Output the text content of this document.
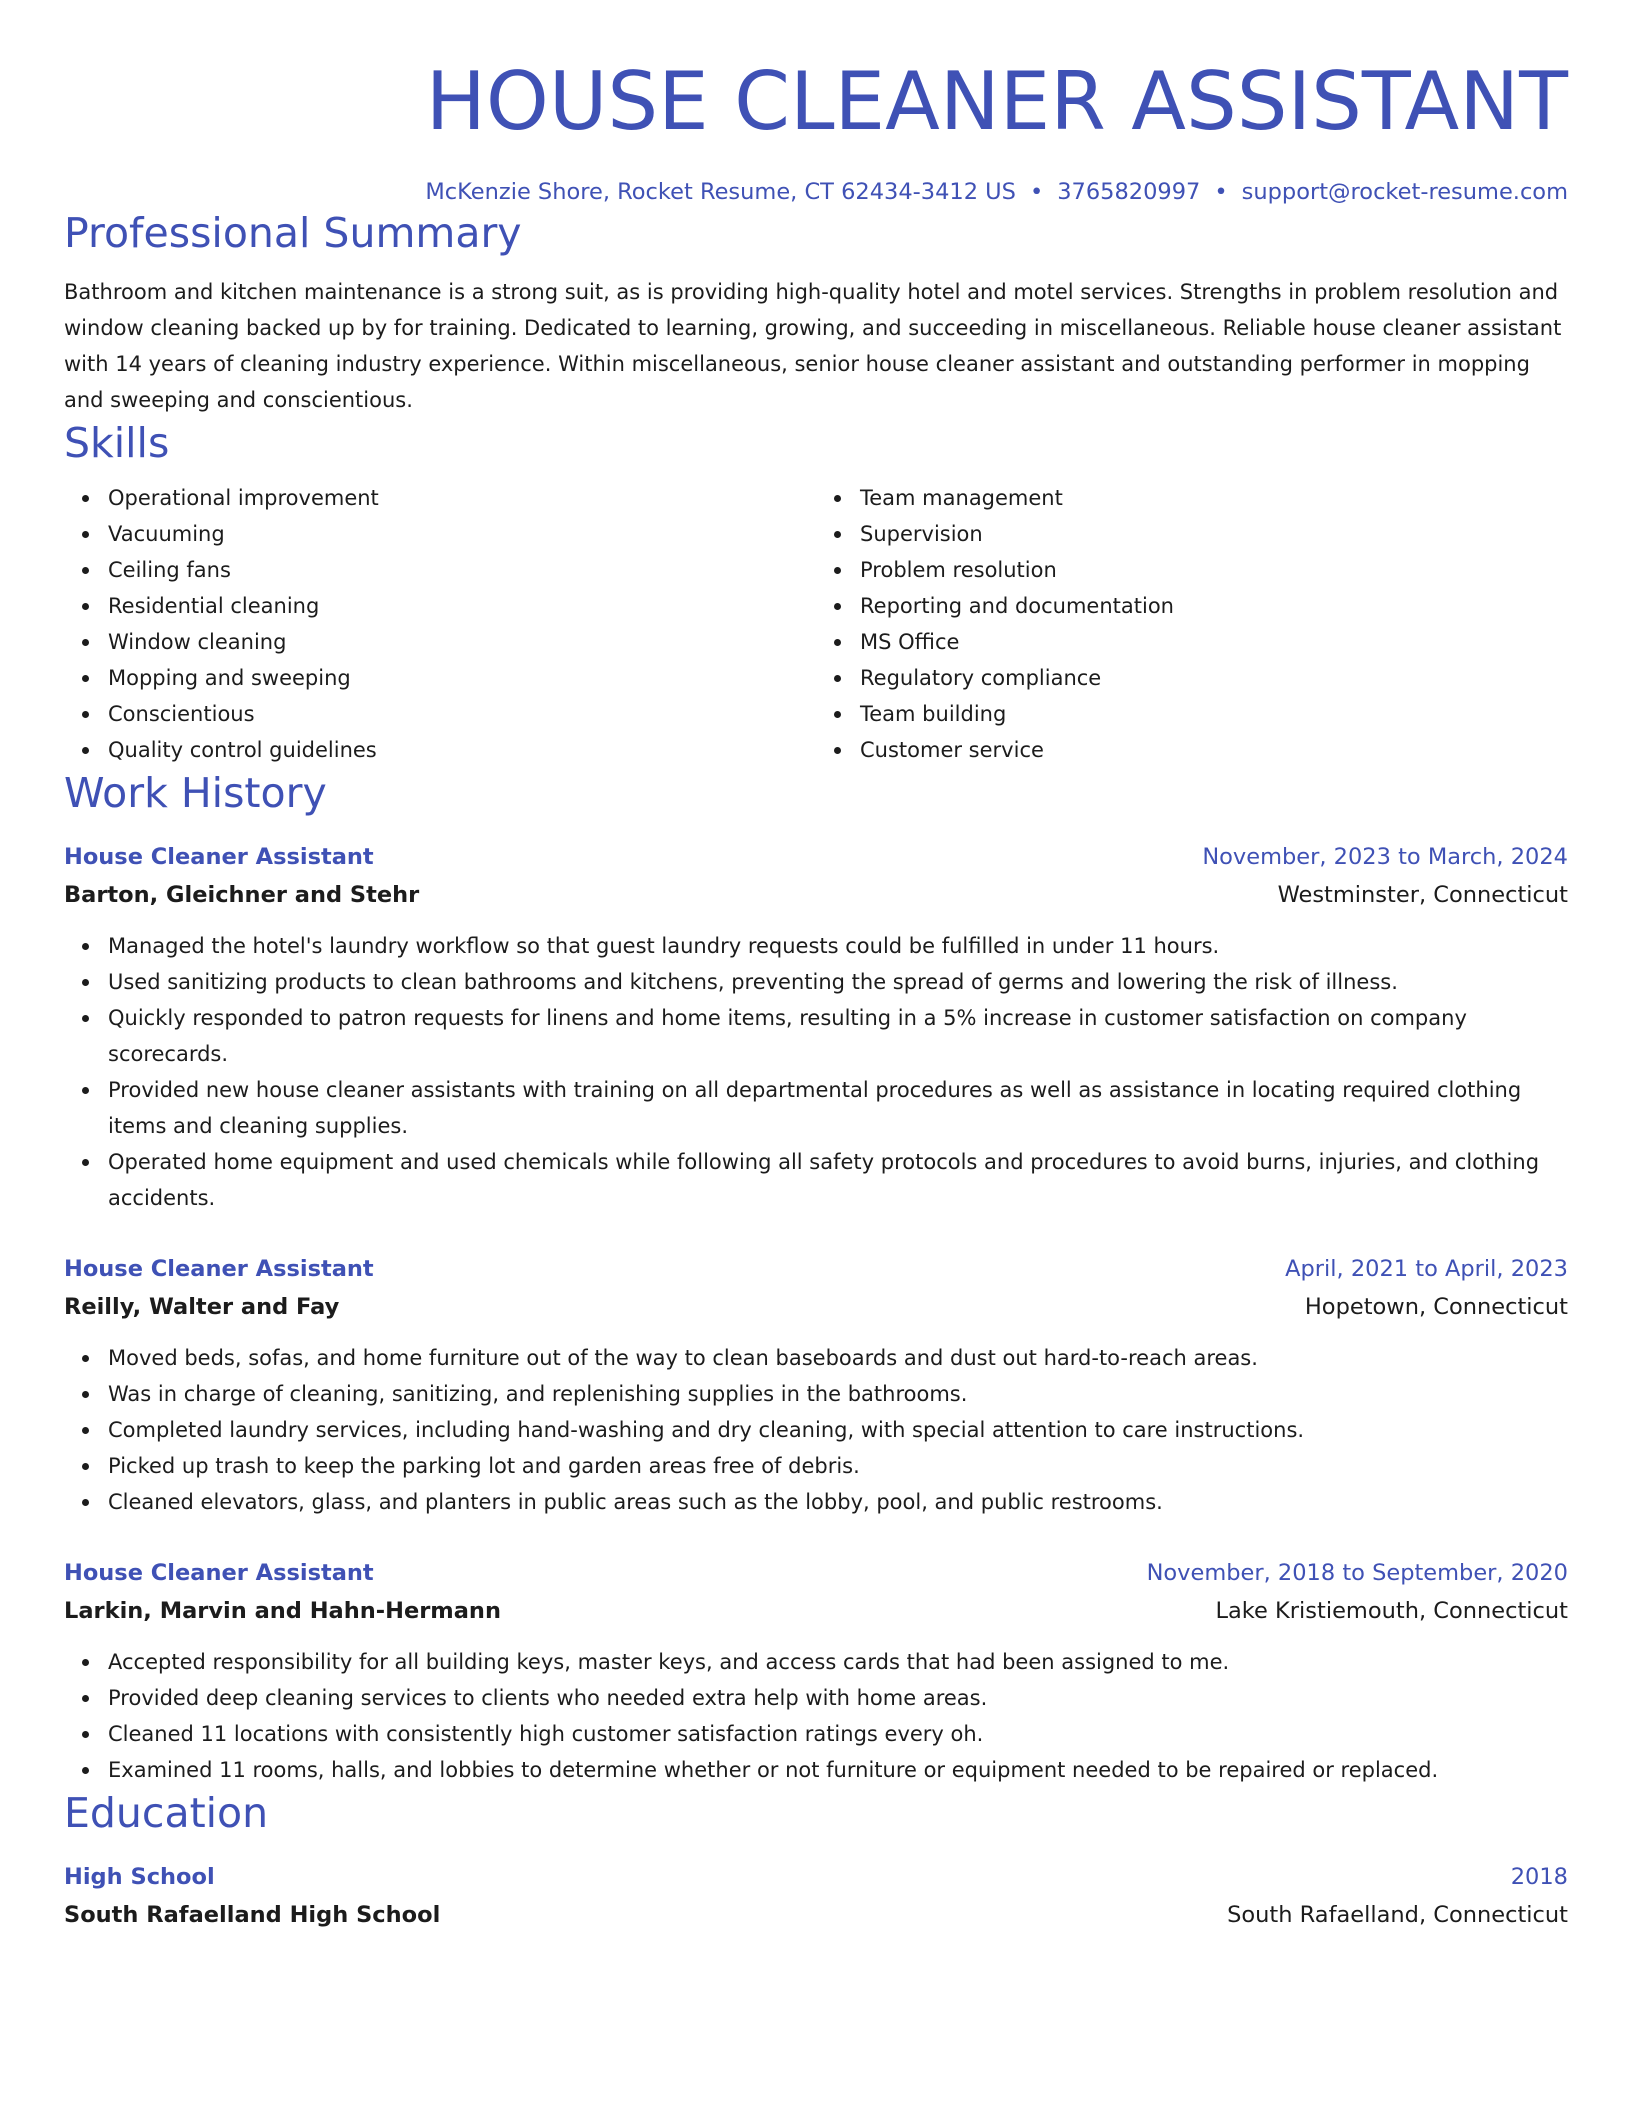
HOUSE CLEANER ASSISTANT
McKenzie Shore, Rocket Resume, CT 62434-3412 US • 3765820997 • support@rocket-resume.com
Professional Summary
Bathroom and kitchen maintenance is a strong suit, as is providing high-quality hotel and motel services. Strengths in problem resolution and window cleaning backed up by for training. Dedicated to learning, growing, and succeeding in miscellaneous. Reliable house cleaner assistant with 14 years of cleaning industry experience. Within miscellaneous, senior house cleaner assistant and outstanding performer in mopping and sweeping and conscientious.
Skills
Operational improvement
Vacuuming
Ceiling fans
Residential cleaning
Window cleaning
Mopping and sweeping
Conscientious
Quality control guidelines
Team management
Supervision
Problem resolution
Reporting and documentation
MS Office
Regulatory compliance
Team building
Customer service
Work History
House Cleaner Assistant	November, 2023 to March, 2024
Barton, Gleichner and Stehr	Westminster, Connecticut
Managed the hotel's laundry workflow so that guest laundry requests could be fulfilled in under 11 hours.
Used sanitizing products to clean bathrooms and kitchens, preventing the spread of germs and lowering the risk of illness.
Quickly responded to patron requests for linens and home items, resulting in a 5% increase in customer satisfaction on company scorecards.
Provided new house cleaner assistants with training on all departmental procedures as well as assistance in locating required clothing items and cleaning supplies.
Operated home equipment and used chemicals while following all safety protocols and procedures to avoid burns, injuries, and clothing accidents.
House Cleaner Assistant	April, 2021 to April, 2023
Reilly, Walter and Fay	Hopetown, Connecticut
Moved beds, sofas, and home furniture out of the way to clean baseboards and dust out hard-to-reach areas.
Was in charge of cleaning, sanitizing, and replenishing supplies in the bathrooms.
Completed laundry services, including hand-washing and dry cleaning, with special attention to care instructions.
Picked up trash to keep the parking lot and garden areas free of debris.
Cleaned elevators, glass, and planters in public areas such as the lobby, pool, and public restrooms.
House Cleaner Assistant	November, 2018 to September, 2020
Larkin, Marvin and Hahn-Hermann	Lake Kristiemouth, Connecticut
Accepted responsibility for all building keys, master keys, and access cards that had been assigned to me.
Provided deep cleaning services to clients who needed extra help with home areas.
Cleaned 11 locations with consistently high customer satisfaction ratings every oh.
Examined 11 rooms, halls, and lobbies to determine whether or not furniture or equipment needed to be repaired or replaced.
Education
High School	2018
South Rafaelland High School	South Rafaelland, Connecticut
